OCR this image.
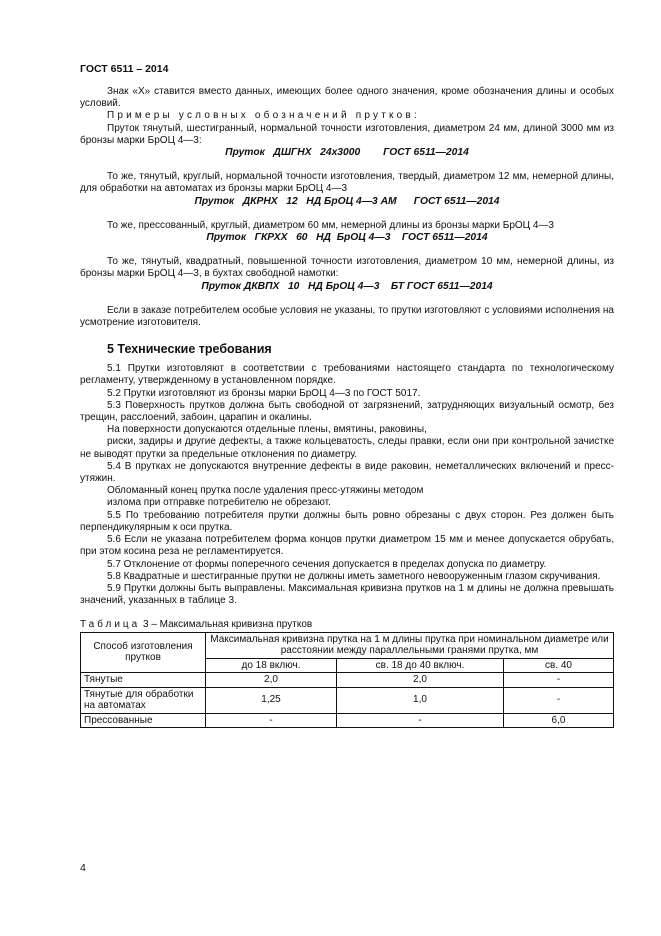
ГОСТ 6511 – 2014

Знак «Х» ставится вместо данных, имеющих более одного значения, кроме обозначения длины и особых условий.

Примеры условных обозначений прутков:

Пруток тянутый, шестигранный, нормальной точности изготовления, диаметром 24 мм, длиной 3000 мм из бронзы марки БрОЦ 4—3:

Пруток   ДШГНХ   24х3000        ГОСТ 6511—2014

То же, тянутый, круглый, нормальной точности изготовления, твердый, диаметром 12 мм, немерной длины, для обработки на автоматах из бронзы марки БрОЦ 4—3

Пруток   ДКРНХ   12   НД БрОЦ 4—3 АМ      ГОСТ 6511—2014

То же, прессованный, круглый, диаметром 60 мм, немерной длины из бронзы марки БрОЦ 4—3

Пруток   ГКРХХ   60   НД  БрОЦ 4—3    ГОСТ 6511—2014

То же, тянутый, квадратный, повышенной точности изготовления, диаметром 10 мм, немерной длины, из бронзы марки БрОЦ 4—3, в бухтах свободной намотки:

Пруток ДКВПХ   10   НД БрОЦ 4—3    БТ ГОСТ 6511—2014

Если в заказе потребителем особые условия не указаны, то прутки изготовляют с условиями исполнения на усмотрение изготовителя.

5 Технические требования

5.1 Прутки изготовляют в соответствии с требованиями настоящего стандарта по технологическому регламенту, утвержденному в установленном порядке.

5.2 Прутки изготовляют из бронзы марки БрОЦ 4—3 по ГОСТ 5017.

5.3 Поверхность прутков должна быть свободной от загрязнений, затрудняющих визуальный осмотр, без трещин, расслоений, забоин, царапин и окалины.

На поверхности допускаются отдельные плены, вмятины, раковины,

риски, задиры и другие дефекты, а также кольцеватость, следы правки, если они при контрольной зачистке не выводят прутки за предельные отклонения по диаметру.

5.4 В прутках не допускаются внутренние дефекты в виде раковин, неметаллических включений и пресс-утяжин.

Обломанный конец прутка после удаления пресс-утяжины методом

излома при отправке потребителю не обрезают.

5.5 По требованию потребителя прутки должны быть ровно обрезаны с двух сторон. Рез должен быть перпендикулярным к оси прутка.

5.6 Если не указана потребителем форма концов прутки диаметром 15 мм и менее допускается обрубать, при этом косина реза не регламентируется.

5.7 Отклонение от формы поперечного сечения допускается в пределах допуска по диаметру.

5.8 Квадратные и шестигранные прутки не должны иметь заметного невооруженным глазом скручивания.

5.9 Прутки должны быть выправлены. Максимальная кривизна прутков на 1 м длины не должна превышать значений, указанных в таблице 3.

Таблица 3 – Максимальная кривизна прутков

Способ изготовления прутков	Максимальная кривизна прутка на 1 м длины прутка при номинальном диаметре или расстоянии между параллельными гранями прутка, мм		
	до 18 включ.	св. 18 до 40 включ.	св. 40
Тянутые	2,0	2,0	-
Тянутые для обработки на автоматах	1,25	1,0	-
Прессованные	-	-	6,0
4
